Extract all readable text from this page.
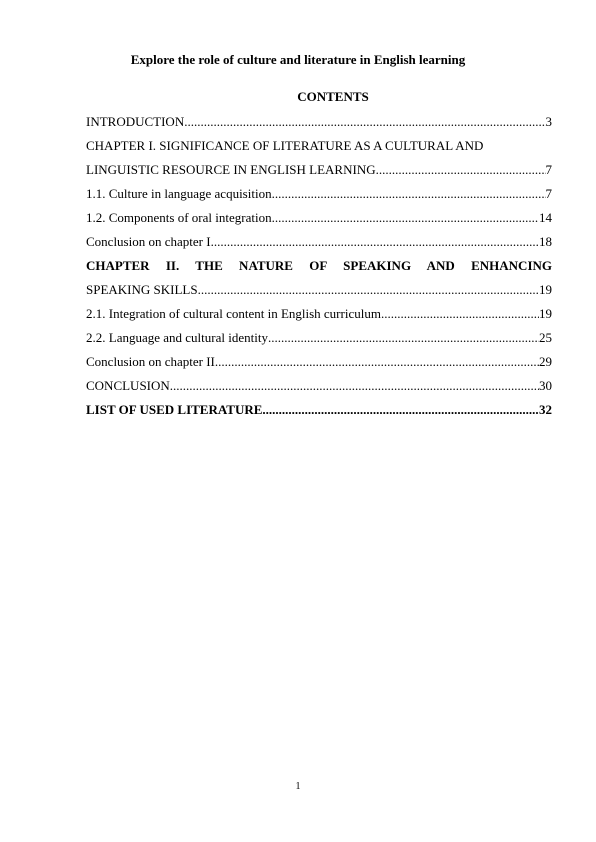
Explore the role of culture and literature in English learning
CONTENTS
INTRODUCTION .....	3
CHAPTER I. SIGNIFICANCE OF LITERATURE AS A CULTURAL AND
LINGUISTIC RESOURCE IN ENGLISH LEARNING .....	7
1.1. Culture in language acquisition .....	7
1.2. Components of oral integration .....	14
Conclusion on chapter I .....	18
CHAPTER II. THE NATURE OF SPEAKING AND ENHANCING
SPEAKING SKILLS .....	19
2.1. Integration of cultural content in English curriculum .....	19
2.2. Language and cultural identity .....	25
Conclusion on chapter II .....	29
CONCLUSION .....	30
LIST OF USED LITERATURE .....	32
1
